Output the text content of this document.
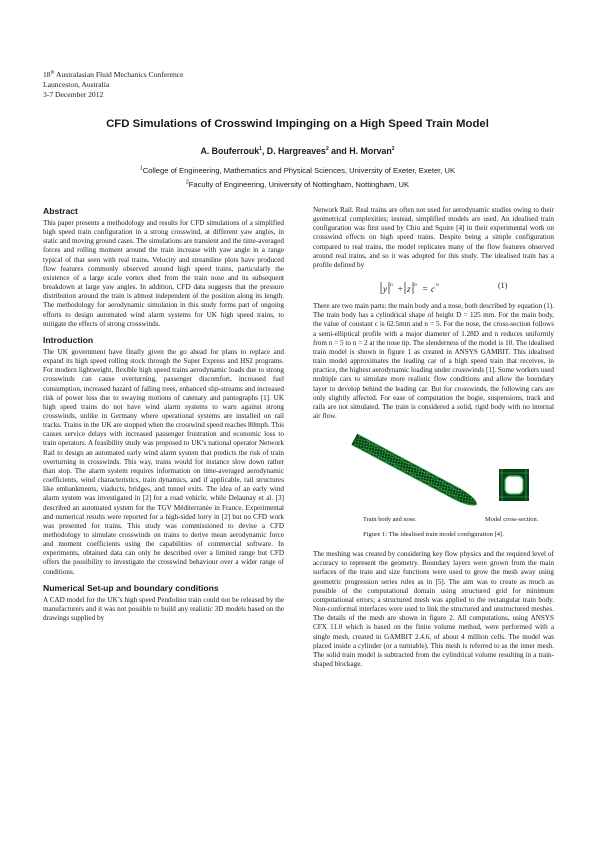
18th Australasian Fluid Mechanics Conference
Launceston, Australia
3-7 December 2012
CFD Simulations of Crosswind Impinging on a High Speed Train Model
A. Bouferrouk$^1$, D. Hargreaves$^2$ and H. Morvan$^2$
$^1$College of Engineering, Mathematics and Physical Sciences, University of Exeter, Exeter, UK
$^2$Faculty of Engineering, University of Nottingham, Nottingham, UK
Abstract

This paper presents a methodology and results for CFD simulations of a simplified high speed train configuration in a strong crosswind, at different yaw angles, in static and moving ground cases. The simulations are transient and the time-averaged forces and rolling moment around the train increase with yaw angle in a range typical of that seen with real trains. Velocity and streamline plots have produced flow features commonly observed around high speed trains, particularly the existence of a large scale vortex shed from the train nose and its subsequent breakdown at large yaw angles. In addition, CFD data suggests that the pressure distribution around the train is almost independent of the position along its length. The methodology for aerodynamic simulation in this study forms part of ongoing efforts to design automated wind alarm systems for UK high speed trains, to mitigate the effects of strong crosswinds.

Introduction

The UK government have finally given the go ahead for plans to replace and expand its high speed rolling stock through the Super Express and HS2 programs. For modern lightweight, flexible high speed trains aerodynamic loads due to strong crosswinds can cause overturning, passenger discomfort, increased fuel consumption, increased hazard of falling trees, enhanced slip-streams and increased risk of power loss due to swaying motions of catenary and pantographs [1]. UK high speed trains do not have wind alarm systems to warn against strong crosswinds, unlike in Germany where operational systems are installed on rail tracks. Trains in the UK are stopped when the crosswind speed reaches 80mph. This causes service delays with increased passenger frustration and economic loss to train operators. A feasibility study was proposed to UK’s national operator Network Rail to design an automated early wind alarm system that predicts the risk of train overturning in crosswinds. This way, trains would for instance slow down rather than stop. The alarm system requires information on time-averaged aerodynamic coefficients, wind characteristics, train dynamics, and if applicable, rail structures like embankments, viaducts, bridges, and tunnel exits. The idea of an early wind alarm system was investigated in [2] for a road vehicle, while Delaunay et al. [3] described an automated system for the TGV Méditerranée in France. Experimental and numerical results were reported for a high-sided lorry in [2] but no CFD work was presented for trains. This study was commissioned to devise a CFD methodology to simulate crosswinds on trains to derive mean aerodynamic force and moment coefficients using the capabilities of commercial software. In experiments, obtained data can only be described over a limited range but CFD offers the possibility to investigate the crosswind behaviour over a wider range of conditions.

Numerical Set-up and boundary conditions

A CAD model for the UK’s high speed Pendolino train could not be released by the manufacturers and it was not possible to build any realistic 3D models based on the drawings supplied by

Network Rail. Real trains are often not used for aerodynamic studies owing to their geometrical complexities; instead, simplified models are used. An idealised train configuration was first used by Chiu and Squire [4] in their experimental work on crosswind effects on high speed trains. Despite being a simple configuration compared to real trains, the model replicates many of the flow features observed around real trains, and so it was adopted for this study. The idealised train has a profile defined by

y n + z n = c n	(1)

There are two main parts: the main body and a nose, both described by equation (1). The train body has a cylindrical shape of height D = 125 mm. For the main body, the value of constant c is 62.5mm and n = 5. For the nose, the cross-section follows a semi-elliptical profile with a major diameter of 1.28D and n reduces uniformly from n = 5 to n = 2 at the nose tip. The slenderness of the model is 10. The idealised train model is shown in figure 1 as created in ANSYS GAMBIT. This idealised train model approximates the leading car of a high speed train that receives, in practice, the highest aerodynamic loading under crosswinds [1]. Some workers used multiple cars to simulate more realistic flow conditions and allow the boundary layer to develop behind the leading car. But for crosswinds, the following cars are only slightly affected. For ease of computation the bogie, suspensions, track and rails are not simulated. The train is considered a solid, rigid body with no internal air flow.

Train body and nose.	Model cross-section.
Figure 1: The idealised train model configuration [4].

The meshing was created by considering key flow physics and the required level of accuracy to represent the geometry. Boundary layers were grown from the main surfaces of the train and size functions were used to grow the mesh away using geometric progression series rules as in [5]. The aim was to create as much as possible of the computational domain using structured grid for minimum computational errors; a structured mesh was applied to the rectangular train body. Non-conformal interfaces were used to link the structured and unstructured meshes. The details of the mesh are shown in figure 2. All computations, using ANSYS CFX 11.0 which is based on the finite volume method, were performed with a single mesh, created in GAMBIT 2.4.6, of about 4 million cells. The model was placed inside a cylinder (or a turntable). This mesh is referred to as the inner mesh. The solid train model is subtracted from the cylindrical volume resulting in a train-shaped blockage.
